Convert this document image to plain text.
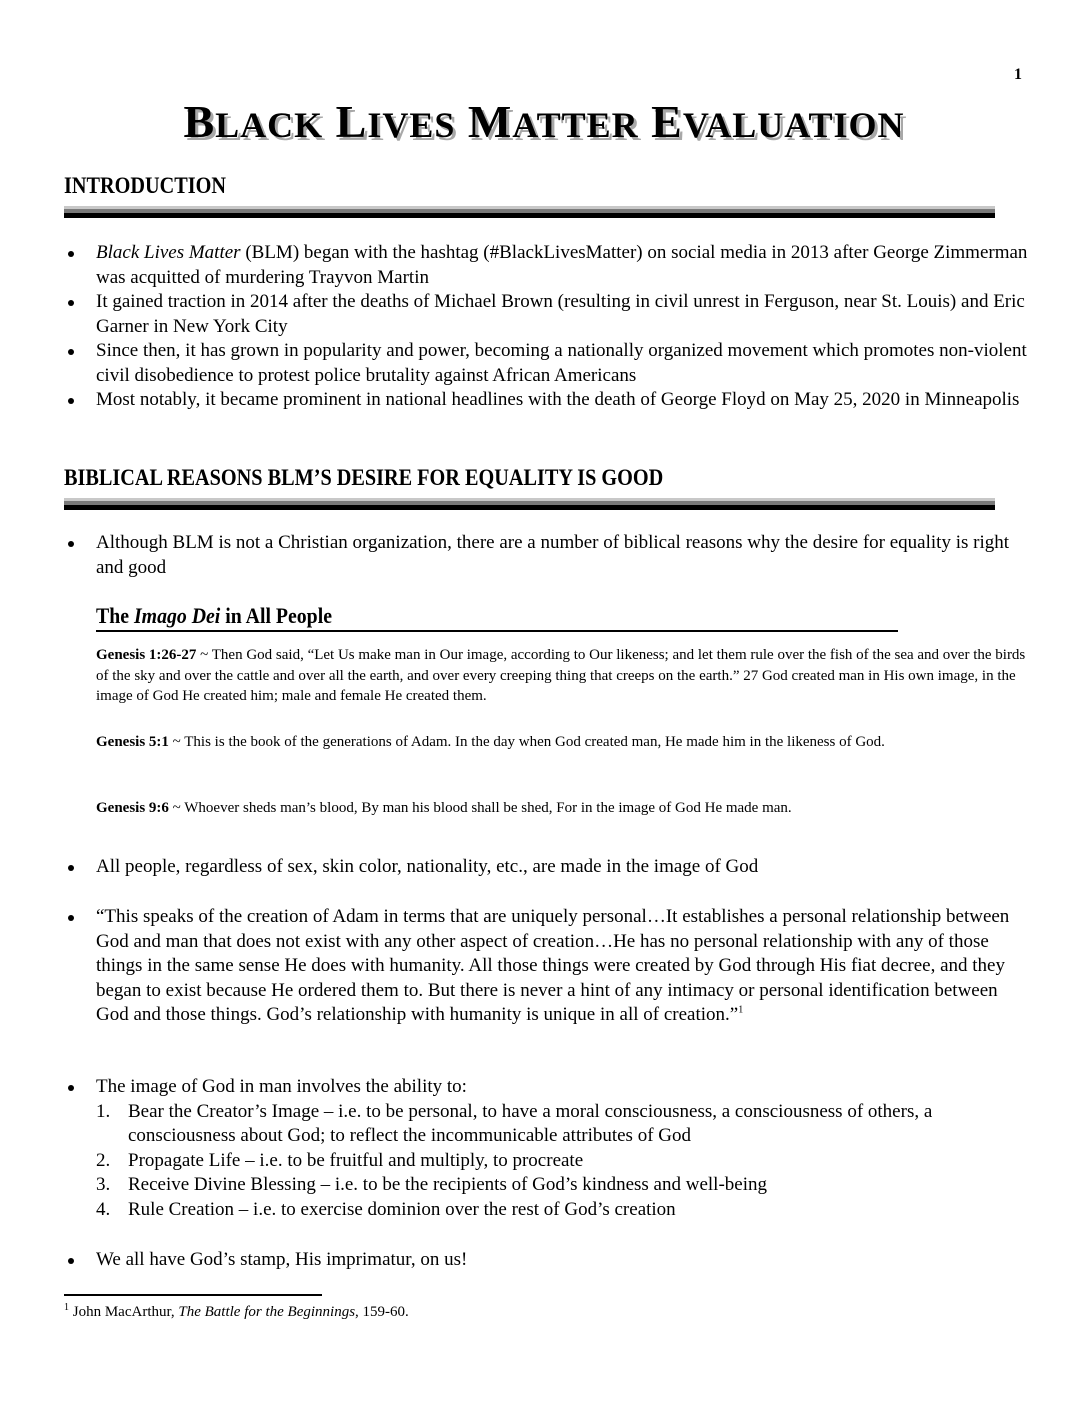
1
BLACK LIVES MATTER EVALUATION
INTRODUCTION
Black Lives Matter (BLM) began with the hashtag (#BlackLivesMatter) on social media in 2013 after George Zimmerman was acquitted of murdering Trayvon Martin
It gained traction in 2014 after the deaths of Michael Brown (resulting in civil unrest in Ferguson, near St. Louis) and Eric Garner in New York City
Since then, it has grown in popularity and power, becoming a nationally organized movement which promotes non-violent civil disobedience to protest police brutality against African Americans
Most notably, it became prominent in national headlines with the death of George Floyd on May 25, 2020 in Minneapolis
BIBLICAL REASONS BLM’S DESIRE FOR EQUALITY IS GOOD
Although BLM is not a Christian organization, there are a number of biblical reasons why the desire for equality is right and good
The Imago Dei in All People

Genesis 1:26-27 ~ Then God said, “Let Us make man in Our image, according to Our likeness; and let them rule over the fish of the sea and over the birds of the sky and over the cattle and over all the earth, and over every creeping thing that creeps on the earth.” 27 God created man in His own image, in the image of God He created him; male and female He created them.

Genesis 5:1 ~ This is the book of the generations of Adam. In the day when God created man, He made him in the likeness of God.

Genesis 9:6 ~ Whoever sheds man’s blood, By man his blood shall be shed, For in the image of God He made man.

All people, regardless of sex, skin color, nationality, etc., are made in the image of God
“This speaks of the creation of Adam in terms that are uniquely personal…It establishes a personal relationship between God and man that does not exist with any other aspect of creation…He has no personal relationship with any of those things in the same sense He does with humanity. All those things were created by God through His fiat decree, and they began to exist because He ordered them to. But there is never a hint of any intimacy or personal identification between God and those things. God’s relationship with humanity is unique in all of creation.”$^1$
The image of God in man involves the ability to:
1. Bear the Creator’s Image – i.e. to be personal, to have a moral consciousness, a consciousness of others, a consciousness about God; to reflect the incommunicable attributes of God
2. Propagate Life – i.e. to be fruitful and multiply, to procreate
3. Receive Divine Blessing – i.e. to be the recipients of God’s kindness and well-being
4. Rule Creation – i.e. to exercise dominion over the rest of God’s creation
We all have God’s stamp, His imprimatur, on us!
$^1$ John MacArthur, The Battle for the Beginnings, 159-60.
